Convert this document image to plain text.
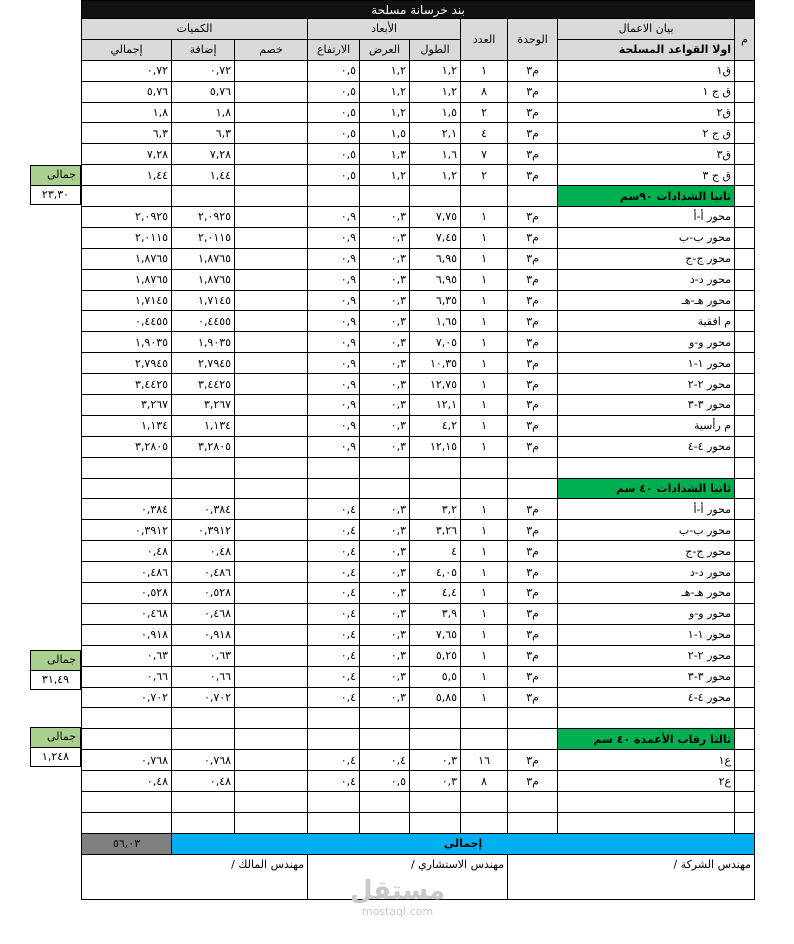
بند خرسانة مسلحة									
م	بيان الاعمال	الوحدة	العدد	الأبعاد			الكميات		
	اولا القواعد المسلحة			الطول	العرض	الارتفاع	خصم	إضافة	إجمالي
	ق١	م٣	١	١,٢	١,٢	٠,٥		٠,٧٢	٠,٧٢
	ق ج ١	م٣	٨	١,٢	١,٢	٠,٥		٥,٧٦	٥,٧٦
	ق٢	م٣	٢	١,٥	١,٢	٠,٥		١,٨	١,٨
	ق ج ٢	م٣	٤	٢,١	١,٥	٠,٥		٦,٣	٦,٣
	ق٣	م٣	٧	١,٦	١,٣	٠,٥		٧,٢٨	٧,٢٨
	ق ج ٣	م٣	٢	١,٢	١,٢	٠,٥		١,٤٤	١,٤٤
	ثانيا الشدادات ٩٠سم								
	محور أ-أ	م٣	١	٧,٧٥	٠,٣	٠,٩		٢,٠٩٢٥	٢,٠٩٢٥
	محور ب-ب	م٣	١	٧,٤٥	٠,٣	٠,٩		٢,٠١١٥	٢,٠١١٥
	محور ج-ج	م٣	١	٦,٩٥	٠,٣	٠,٩		١,٨٧٦٥	١,٨٧٦٥
	محور د-د	م٣	١	٦,٩٥	٠,٣	٠,٩		١,٨٧٦٥	١,٨٧٦٥
	محور هـ-هـ	م٣	١	٦,٣٥	٠,٣	٠,٩		١,٧١٤٥	١,٧١٤٥
	م افقية	م٣	١	١,٦٥	٠,٣	٠,٩		٠,٤٤٥٥	٠,٤٤٥٥
	محور و-و	م٣	١	٧,٠٥	٠,٣	٠,٩		١,٩٠٣٥	١,٩٠٣٥
	محور ١-١	م٣	١	١٠,٣٥	٠,٣	٠,٩		٢,٧٩٤٥	٢,٧٩٤٥
	محور ٢-٢	م٣	١	١٢,٧٥	٠,٣	٠,٩		٣,٤٤٢٥	٣,٤٤٢٥
	محور ٣-٣	م٣	١	١٢,١	٠,٣	٠,٩		٣,٢٦٧	٣,٢٦٧
	م رأسية	م٣	١	٤,٢	٠,٣	٠,٩		١,١٣٤	١,١٣٤
	محور ٤-٤	م٣	١	١٢,١٥	٠,٣	٠,٩		٣,٢٨٠٥	٣,٢٨٠٥

	ثانيا الشدادات ٤٠ سم								
	محور أ-أ	م٣	١	٣,٢	٠,٣	٠,٤		٠,٣٨٤	٠,٣٨٤
	محور ب-ب	م٣	١	٣,٢٦	٠,٣	٠,٤		٠,٣٩١٢	٠,٣٩١٢
	محور ج-ج	م٣	١	٤	٠,٣	٠,٤		٠,٤٨	٠,٤٨
	محور د-د	م٣	١	٤,٠٥	٠,٣	٠,٤		٠,٤٨٦	٠,٤٨٦
	محور هـ-هـ	م٣	١	٤,٤	٠,٣	٠,٤		٠,٥٢٨	٠,٥٢٨
	محور و-و	م٣	١	٣,٩	٠,٣	٠,٤		٠,٤٦٨	٠,٤٦٨
	محور ١-١	م٣	١	٧,٦٥	٠,٣	٠,٤		٠,٩١٨	٠,٩١٨
	محور ٢-٢	م٣	١	٥,٢٥	٠,٣	٠,٤		٠,٦٣	٠,٦٣
	محور ٣-٣	م٣	١	٥,٥	٠,٣	٠,٤		٠,٦٦	٠,٦٦
	محور ٤-٤	م٣	١	٥,٨٥	٠,٣	٠,٤		٠,٧٠٢	٠,٧٠٢

	ثالثا رقاب الأعمدة ٤٠ سم								
	ع١	م٣	١٦	٠,٣	٠,٤	٠,٤		٠,٧٦٨	٠,٧٦٨
	ع٢	م٣	٨	٠,٣	٠,٥	٠,٤		٠,٤٨	٠,٤٨

إجمالي									٥٦,٠٣
مهندس الشركة /			مهندس الاستشاري /				مهندس المالك /		
جمالى
٢٣,٣٠
جمالى
٣١,٤٩
جمالى
١,٢٤٨
مستقل
mostaql.com
